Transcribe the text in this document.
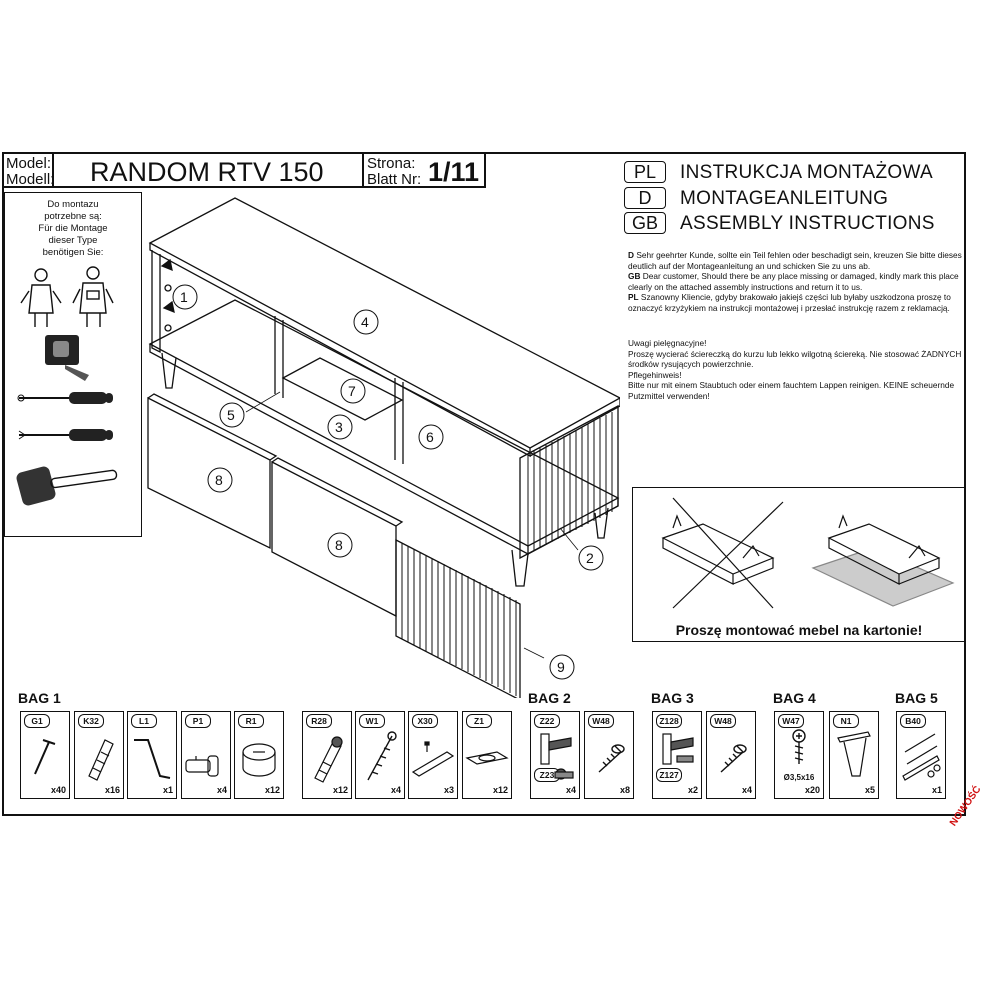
Model:
Modell: RANDOM RTV 150	Strona:
Blatt Nr: 1/11	PL	INSTRUKCJA MONTAŻOWA
D	MONTAGEANLEITUNG
GB	ASSEMBLY INSTRUCTIONS
D Sehr geehrter Kunde, sollte ein Teil fehlen oder beschadigt sein, kreuzen Sie bitte dieses deutlich auf der Montageanleitung an und schicken Sie zu uns ab.
GB Dear customer, Should there be any place missing or damaged, kindly mark this place clearly on the attached assembly instructions and return it to us.
PL Szanowny Kliencie, gdyby brakowało jakiejś części lub byłaby uszkodzona proszę to oznaczyć krzyżykiem na instrukcji montażowej i przesłać instrukcję razem z reklamacją.
Uwagi pielęgnacyjne!
Proszę wycierać ściereczką do kurzu lub lekko wilgotną ściereką. Nie stosować ŻADNYCH środków rysujących powierzchnie.
Pflegehinweis!
Bitte nur mit einem Staubtuch oder einem fauchtem Lappen reinigen. KEINE scheuernde Putzmittel verwenden!
Do montazu
potrzebne są:
Für die Montage
dieser Type
benötigen Sie:
1
2
3
4
5
6
7
8
8
9
Proszę montować mebel na kartonie!
BAG 1	BAG 2	BAG 3	BAG 4	BAG 5
G1
x40
K32
x16
L1
x1
P1
x4
R1
x12
R28
x12
W1
x4
X30
x3
Z1
x12
Z22
Z23
x4
W48
x8
Z128
Z127
x2
W48
x4
W47
Ø3,5x16
x20
N1
x5
B40
x1 NOWOŚĆ
